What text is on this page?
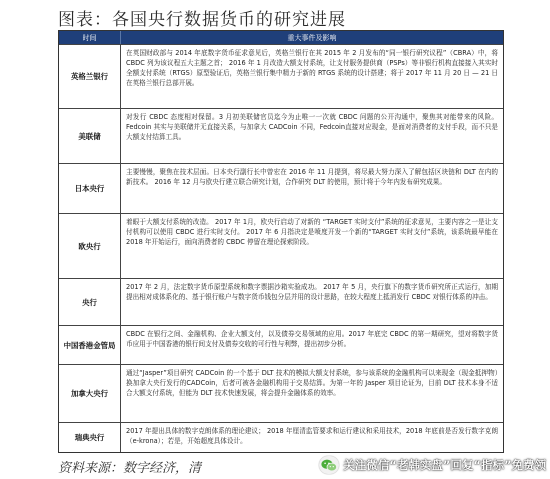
图表：各国央行数据货币的研究进展
时间	重大事件及影响
英格兰银行
在英国财政部与 2014 年底数字货币征求意见后，英格兰银行在其 2015 年 2 月发布的“同一银行研究议程”（CBRA）中，将 CBDC 列为该议程五大主题之首； 2016 年 1 月改造大额支付系统，让支付服务提供商（PSPs）等非银行机构直接接入其实时全额支付系统（RTGS）原型验证后，英格兰银行集中精力于新的 RTGS 系统的设计搭建；将于 2017 年 11 月 20 日 — 21 日在英格兰银行总部开展。
美联储
对发行 CBDC 态度相对保留。3 月初美联储官员迄今为止唯一一次就 CBDC 问题的公开沟通中，聚焦其对能带来的风险。Fedcoin 其实与美联储并无直接关系，与加拿大 CADCoin 不同，Fedcoin直接对应现金，是面对消费者的支付手段，而不只是大额支付结算工具。
日本央行
主要慢慢，聚焦在技术层面。日本央行副行长中曾宏在 2016 年 11 月提到，将尽最大努力深入了解包括区块链和 DLT 在内的新技术。 2016 年 12 月与欧央行建立联合研究计划，合作研究 DLT 的使用，预计将于今年内发布研究成果。
欧央行
着眼于大额支付系统的改造。 2017 年 1月，欧央行启动了对新的 “TARGET 实时支付”系统的征求意见，主要内容之一是让支付机构可以使用 CBDC 进行实时支付。 2017 年 6 月指决定是喷度开发一个新的“TARGET 实时支付”系统，该系统最早能在 2018 年开始运行，面向消费者的 CBDC 停留在理论探索阶段。
央行
2017 年 2 月，法定数字货币原型系统和数字票据沙箱实验成功。 2017 年 5 月，央行旗下的数字货币研究所正式运行，加期提出相对成体系化的、基于银行账户与数字货币钱包分层并用的设计思路，在较大程度上抵消发行 CBDC 对银行体系的冲击。
中国香港金管局
CBDC 在银行之间、金融机构、企业大额支付，以及债券交易领域的应用。2017 年底完 CBDC 的第一期研究，望对将数字货币应用于中国香港的银行间支付及债券交收的可行性与利弊，提出初步分析。
加拿大央行
通过“Jasper”项目研究 CADCoin 的一个基于 DLT 技术的模拟大额支付系统，参与该系统的金融机构可以来现金（现金抵押物）换加拿大央行发行的CADCoin，后者可被各金融机构用于交易结算。为第一年的 Jasper 项目论证为，目前 DLT 技术本身不适合大额支付系统，但能为 DLT 技术快速发展，将会提升金融体系的效率。
瑞典央行
2017 年提出具体的数字克朗体系的理论建议； 2018 年厘清监管要求和运行建议和采用技术，2018 年底前是否发行数字克朗（e-krona）；若是，开始超度具体设计。
资料来源：数字经济，清	关注微信“老韩实盘”回复“指标”免费领
